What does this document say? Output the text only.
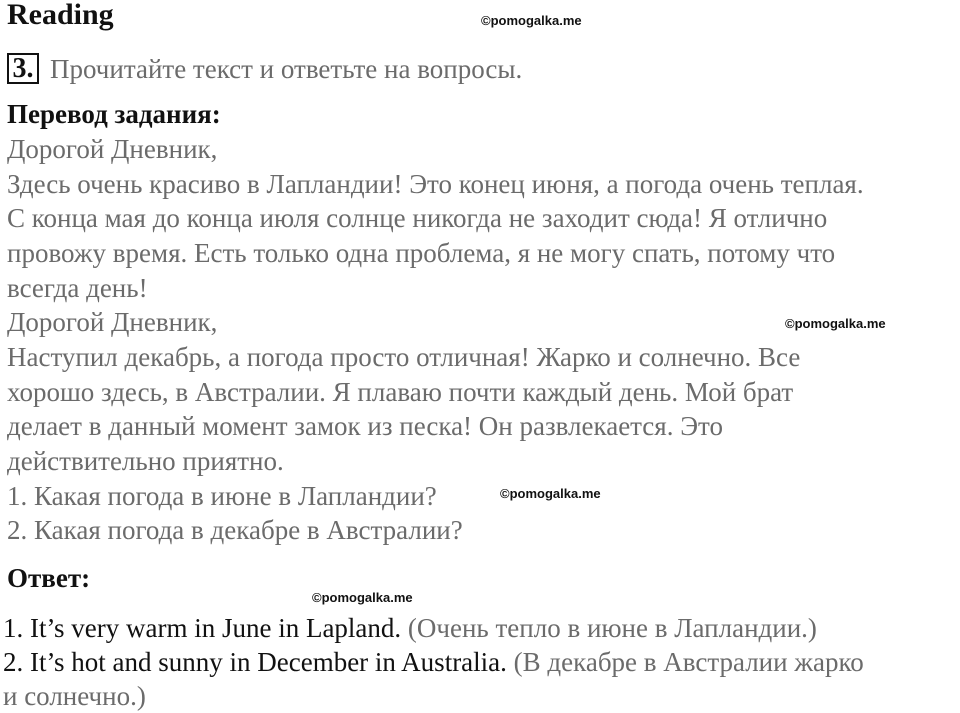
Reading	©pomogalka.me
3. Прочитайте текст и ответьте на вопросы.
Перевод задания:
Дорогой Дневник,
Здесь очень красиво в Лапландии! Это конец июня, а погода очень теплая.
С конца мая до конца июля солнце никогда не заходит сюда! Я отлично
провожу время. Есть только одна проблема, я не могу спать, потому что
всегда день!
Дорогой Дневник,	©pomogalka.me
Наступил декабрь, а погода просто отличная! Жарко и солнечно. Все
хорошо здесь, в Австралии. Я плаваю почти каждый день. Мой брат
делает в данный момент замок из песка! Он развлекается. Это
действительно приятно.
1. Какая погода в июне в Лапландии?	©pomogalka.me
2. Какая погода в декабре в Австралии?
Ответ:
©pomogalka.me
1. It’s very warm in June in Lapland. (Очень тепло в июне в Лапландии.)
2. It’s hot and sunny in December in Australia. (В декабре в Австралии жарко
и солнечно.)
